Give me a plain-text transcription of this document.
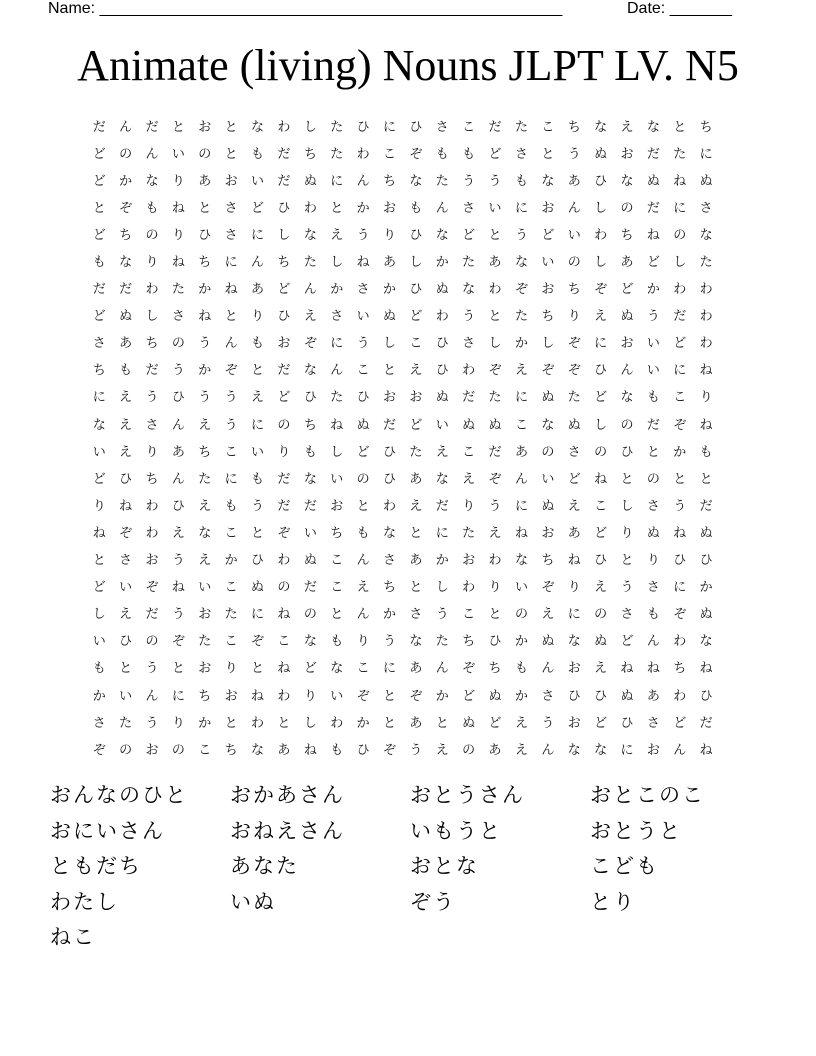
Name: ____________________________________________________	Date: _______
Animate (living) Nouns JLPT LV. N5
だ	ん	だ	と	お	と	な	わ	し	た	ひ	に	ひ	さ	こ	だ	た	こ	ち	な	え	な	と	ち
ど	の	ん	い	の	と	も	だ	ち	た	わ	こ	ぞ	も	も	ど	さ	と	う	ぬ	お	だ	た	に
ど	か	な	り	あ	お	い	だ	ぬ	に	ん	ち	な	た	う	う	も	な	あ	ひ	な	ぬ	ね	ぬ
と	ぞ	も	ね	と	さ	ど	ひ	わ	と	か	お	も	ん	さ	い	に	お	ん	し	の	だ	に	さ
ど	ち	の	り	ひ	さ	に	し	な	え	う	り	ひ	な	ど	と	う	ど	い	わ	ち	ね	の	な
も	な	り	ね	ち	に	ん	ち	た	し	ね	あ	し	か	た	あ	な	い	の	し	あ	ど	し	た
だ	だ	わ	た	か	ね	あ	ど	ん	か	さ	か	ひ	ぬ	な	わ	ぞ	お	ち	ぞ	ど	か	わ	わ
ど	ぬ	し	さ	ね	と	り	ひ	え	さ	い	ぬ	ど	わ	う	と	た	ち	り	え	ぬ	う	だ	わ
さ	あ	ち	の	う	ん	も	お	ぞ	に	う	し	こ	ひ	さ	し	か	し	ぞ	に	お	い	ど	わ
ち	も	だ	う	か	ぞ	と	だ	な	ん	こ	と	え	ひ	わ	ぞ	え	ぞ	ぞ	ひ	ん	い	に	ね
に	え	う	ひ	う	う	え	ど	ひ	た	ひ	お	お	ぬ	だ	た	に	ぬ	た	ど	な	も	こ	り
な	え	さ	ん	え	う	に	の	ち	ね	ぬ	だ	ど	い	ぬ	ぬ	こ	な	ぬ	し	の	だ	ぞ	ね
い	え	り	あ	ち	こ	い	り	も	し	ど	ひ	た	え	こ	だ	あ	の	さ	の	ひ	と	か	も
ど	ひ	ち	ん	た	に	も	だ	な	い	の	ひ	あ	な	え	ぞ	ん	い	ど	ね	と	の	と	と
り	ね	わ	ひ	え	も	う	だ	だ	お	と	わ	え	だ	り	う	に	ぬ	え	こ	し	さ	う	だ
ね	ぞ	わ	え	な	こ	と	ぞ	い	ち	も	な	と	に	た	え	ね	お	あ	ど	り	ぬ	ね	ぬ
と	さ	お	う	え	か	ひ	わ	ぬ	こ	ん	さ	あ	か	お	わ	な	ち	ね	ひ	と	り	ひ	ひ
ど	い	ぞ	ね	い	こ	ぬ	の	だ	こ	え	ち	と	し	わ	り	い	ぞ	り	え	う	さ	に	か
し	え	だ	う	お	た	に	ね	の	と	ん	か	さ	う	こ	と	の	え	に	の	さ	も	ぞ	ぬ
い	ひ	の	ぞ	た	こ	ぞ	こ	な	も	り	う	な	た	ち	ひ	か	ぬ	な	ぬ	ど	ん	わ	な
も	と	う	と	お	り	と	ね	ど	な	こ	に	あ	ん	ぞ	ち	も	ん	お	え	ね	ね	ち	ね
か	い	ん	に	ち	お	ね	わ	り	い	ぞ	と	ぞ	か	ど	ぬ	か	さ	ひ	ひ	ぬ	あ	わ	ひ
さ	た	う	り	か	と	わ	と	し	わ	か	と	あ	と	ぬ	ど	え	う	お	ど	ひ	さ	ど	だ
ぞ	の	お	の	こ	ち	な	あ	ね	も	ひ	ぞ	う	え	の	あ	え	ん	な	な	に	お	ん	ね
おんなのひと	おかあさん	おとうさん	おとこのこ
おにいさん	おねえさん	いもうと	おとうと
ともだち	あなた	おとな	こども
わたし	いぬ	ぞう	とり
ねこ
